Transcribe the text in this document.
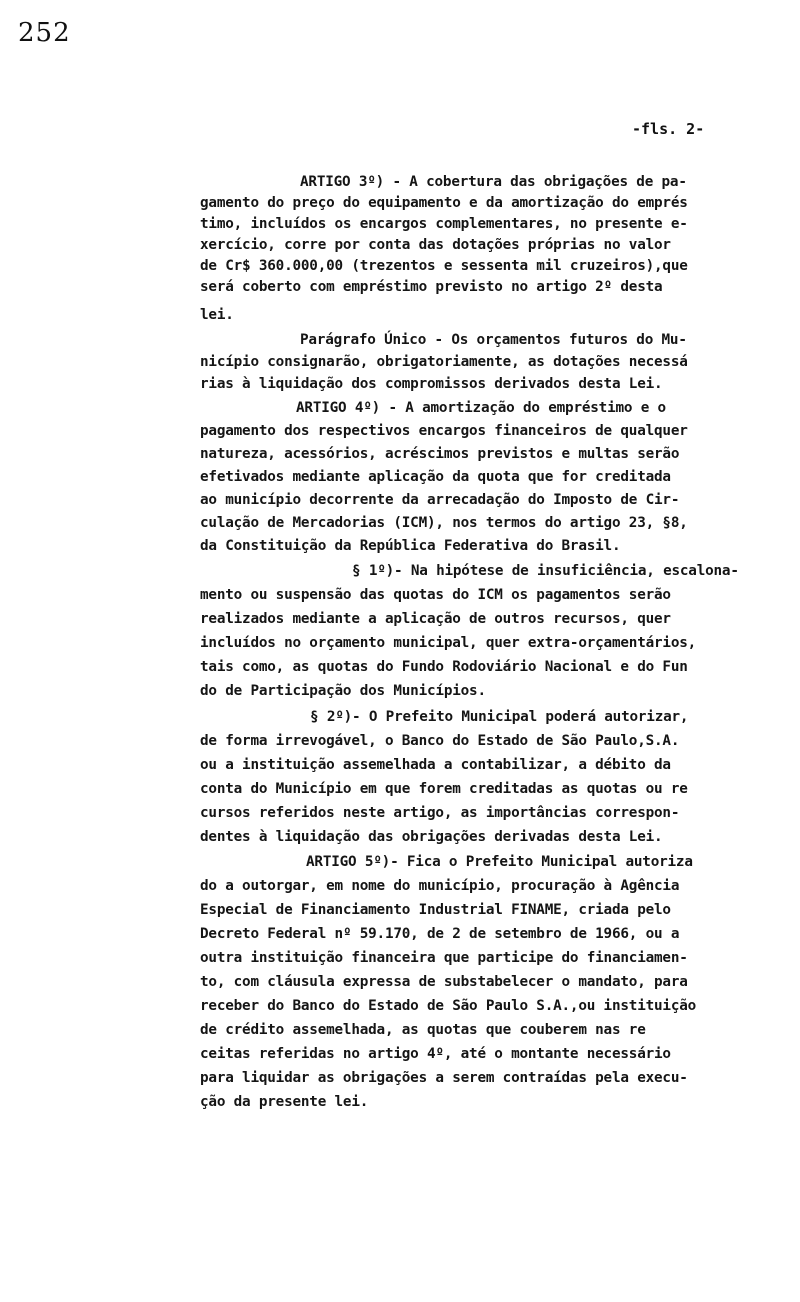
252
-fls. 2-
ARTIGO 3º) - A cobertura das obrigações de pa-
gamento do preço do equipamento e da amortização do emprés
timo, incluídos os encargos complementares, no presente e-
xercício, corre por conta das dotações próprias no valor
de Cr$ 360.000,00 (trezentos e sessenta mil cruzeiros),que
será coberto com empréstimo previsto no artigo 2º desta
lei.
Parágrafo Único - Os orçamentos futuros do Mu-
nicípio consignarão, obrigatoriamente, as dotações necessá
rias à liquidação dos compromissos derivados desta Lei.
ARTIGO 4º) - A amortização do empréstimo e o
pagamento dos respectivos encargos financeiros de qualquer
natureza, acessórios, acréscimos previstos e multas serão
efetivados mediante aplicação da quota que for creditada
ao município decorrente da arrecadação do Imposto de Cir-
culação de Mercadorias (ICM), nos termos do artigo 23, §8,
da Constituição da República Federativa do Brasil.
§ 1º)- Na hipótese de insuficiência, escalona-
mento ou suspensão das quotas do ICM os pagamentos serão
realizados mediante a aplicação de outros recursos, quer
incluídos no orçamento municipal, quer extra-orçamentários,
tais como, as quotas do Fundo Rodoviário Nacional e do Fun
do de Participação dos Municípios.
§ 2º)- O Prefeito Municipal poderá autorizar,
de forma irrevogável, o Banco do Estado de São Paulo,S.A.
ou a instituição assemelhada a contabilizar, a débito da
conta do Município em que forem creditadas as quotas ou re
cursos referidos neste artigo, as importâncias correspon-
dentes à liquidação das obrigações derivadas desta Lei.
ARTIGO 5º)- Fica o Prefeito Municipal autoriza
do a outorgar, em nome do município, procuração à Agência
Especial de Financiamento Industrial FINAME, criada pelo
Decreto Federal nº 59.170, de 2 de setembro de 1966, ou a
outra instituição financeira que participe do financiamen-
to, com cláusula expressa de substabelecer o mandato, para
receber do Banco do Estado de São Paulo S.A.,ou instituição
de crédito assemelhada, as quotas que couberem nas re
ceitas referidas no artigo 4º, até o montante necessário
para liquidar as obrigações a serem contraídas pela execu-
ção da presente lei.
